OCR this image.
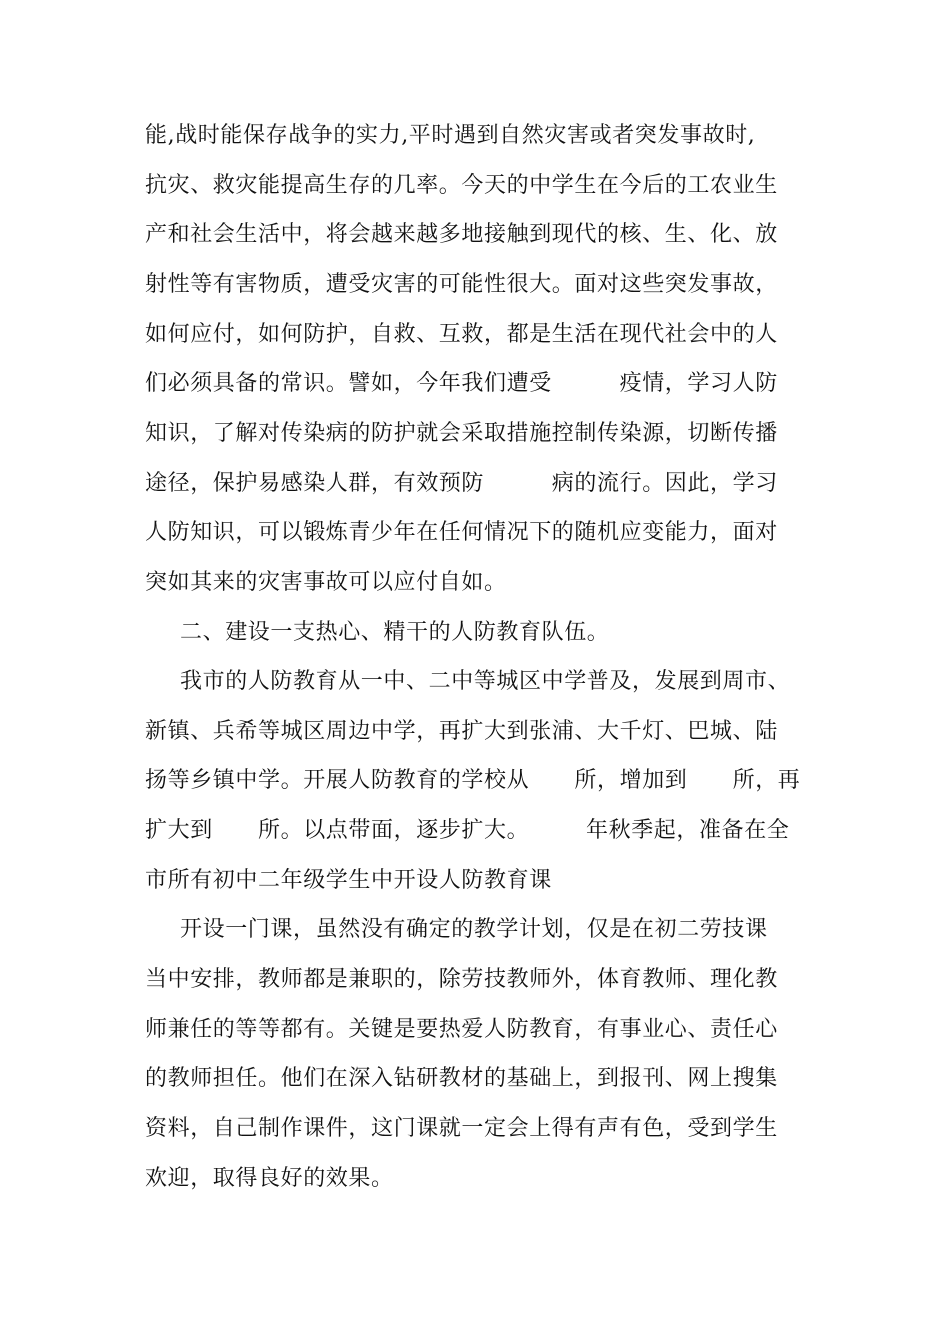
能,战时能保存战争的实力,平时遇到自然灾害或者突发事故时,
抗灾、救灾能提高生存的几率。今天的中学生在今后的工农业生
产和社会生活中，将会越来越多地接触到现代的核、生、化、放
射性等有害物质，遭受灾害的可能性很大。面对这些突发事故，
如何应付，如何防护，自救、互救，都是生活在现代社会中的人
们必须具备的常识。譬如，今年我们遭受　　　疫情，学习人防
知识，了解对传染病的防护就会采取措施控制传染源，切断传播
途径，保护易感染人群，有效预防　　　病的流行。因此，学习
人防知识，可以锻炼青少年在任何情况下的随机应变能力，面对
突如其来的灾害事故可以应付自如。
二、建设一支热心、精干的人防教育队伍。
我市的人防教育从一中、二中等城区中学普及，发展到周市、
新镇、兵希等城区周边中学，再扩大到张浦、大千灯、巴城、陆
扬等乡镇中学。开展人防教育的学校从　　所，增加到　　所，再
扩大到　　所。以点带面，逐步扩大。　　　年秋季起，准备在全
市所有初中二年级学生中开设人防教育课
开设一门课，虽然没有确定的教学计划，仅是在初二劳技课
当中安排，教师都是兼职的，除劳技教师外，体育教师、理化教
师兼任的等等都有。关键是要热爱人防教育，有事业心、责任心
的教师担任。他们在深入钻研教材的基础上，到报刊、网上搜集
资料，自己制作课件，这门课就一定会上得有声有色，受到学生
欢迎，取得良好的效果。
